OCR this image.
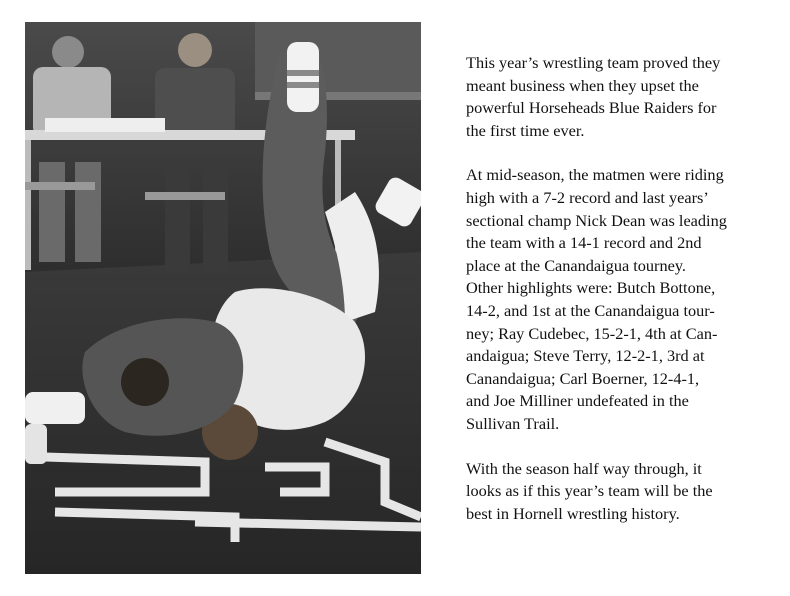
This year’s wrestling team proved they
meant business when they upset the
powerful Horseheads Blue Raiders for
the first time ever.

At mid-season, the matmen were riding
high with a 7-2 record and last years’
sectional champ Nick Dean was leading
the team with a 14-1 record and 2nd
place at the Canandaigua tourney.
Other highlights were: Butch Bottone,
14-2, and 1st at the Canandaigua tour-
ney; Ray Cudebec, 15-2-1, 4th at Can-
andaigua; Steve Terry, 12-2-1, 3rd at
Canandaigua; Carl Boerner, 12-4-1,
and Joe Milliner undefeated in the
Sullivan Trail.

With the season half way through, it
looks as if this year’s team will be the
best in Hornell wrestling history.
